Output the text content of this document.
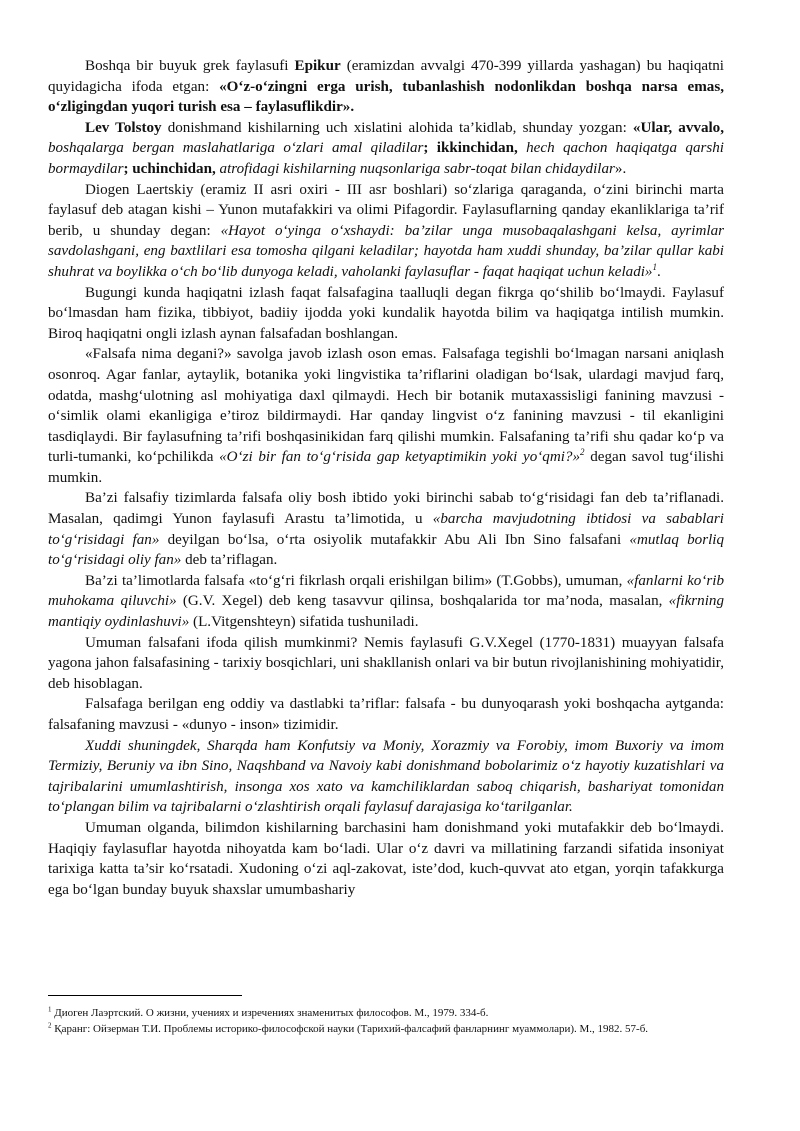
Boshqa bir buyuk grek faylasufi Epikur (eramizdan avvalgi 470-399 yillarda yashagan) bu haqiqatni quyidagicha ifoda etgan: «O‘z-o‘zingni erga urish, tubanlashish nodonlikdan boshqa narsa emas, o‘zligingdan yuqori turish esa – faylasuflikdir».

Lev Tolstoy donishmand kishilarning uch xislatini alohida ta’kidlab, shunday yozgan: «Ular, avvalo, boshqalarga bergan maslahatlariga o‘zlari amal qiladilar; ikkinchidan, hech qachon haqiqatga qarshi bormaydilar; uchinchidan, atrofidagi kishilarning nuqsonlariga sabr-toqat bilan chidaydilar».

Diogen Laertskiy (eramiz II asri oxiri - III asr boshlari) so‘zlariga qaraganda, o‘zini birinchi marta faylasuf deb atagan kishi – Yunon mutafakkiri va olimi Pifagordir. Faylasuflarning qanday ekanliklariga ta’rif berib, u shunday degan: «Hayot o‘yinga o‘xshaydi: ba’zilar unga musobaqalashgani kelsa, ayrimlar savdolashgani, eng baxtlilari esa tomosha qilgani keladilar; hayotda ham xuddi shunday, ba’zilar qullar kabi shuhrat va boylikka o‘ch bo‘lib dunyoga keladi, vaholanki faylasuflar - faqat haqiqat uchun keladi»$^1$.

Bugungi kunda haqiqatni izlash faqat falsafagina taalluqli degan fikrga qo‘shilib bo‘lmaydi. Faylasuf bo‘lmasdan ham fizika, tibbiyot, badiiy ijodda yoki kundalik hayotda bilim va haqiqatga intilish mumkin. Biroq haqiqatni ongli izlash aynan falsafadan boshlangan.

«Falsafa nima degani?» savolga javob izlash oson emas. Falsafaga tegishli bo‘lmagan narsani aniqlash osonroq. Agar fanlar, aytaylik, botanika yoki lingvistika ta’riflarini oladigan bo‘lsak, ulardagi mavjud farq, odatda, mashg‘ulotning asl mohiyatiga daxl qilmaydi. Hech bir botanik mutaxassisligi fanining mavzusi - o‘simlik olami ekanligiga e’tiroz bildirmaydi. Har qanday lingvist o‘z fanining mavzusi - til ekanligini tasdiqlaydi. Bir faylasufning ta’rifi boshqasinikidan farq qilishi mumkin. Falsafaning ta’rifi shu qadar ko‘p va turli-tumanki, ko‘pchilikda «O‘zi bir fan to‘g‘risida gap ketyaptimikin yoki yo‘qmi?»$^2$ degan savol tug‘ilishi mumkin.

Ba’zi falsafiy tizimlarda falsafa oliy bosh ibtido yoki birinchi sabab to‘g‘risidagi fan deb ta’riflanadi. Masalan, qadimgi Yunon faylasufi Arastu ta’limotida, u «barcha mavjudotning ibtidosi va sabablari to‘g‘risidagi fan» deyilgan bo‘lsa, o‘rta osiyolik mutafakkir Abu Ali Ibn Sino falsafani «mutlaq borliq to‘g‘risidagi oliy fan» deb ta’riflagan.

Ba’zi ta’limotlarda falsafa «to‘g‘ri fikrlash orqali erishilgan bilim» (T.Gobbs), umuman, «fanlarni ko‘rib muhokama qiluvchi» (G.V. Xegel) deb keng tasavvur qilinsa, boshqalarida tor ma’noda, masalan, «fikrning mantiqiy oydinlashuvi» (L.Vitgenshteyn) sifatida tushuniladi.

Umuman falsafani ifoda qilish mumkinmi? Nemis faylasufi G.V.Xegel (1770-1831) muayyan falsafa yagona jahon falsafasining - tarixiy bosqichlari, uni shakllanish onlari va bir butun rivojlanishining mohiyatidir, deb hisoblagan.

Falsafaga berilgan eng oddiy va dastlabki ta’riflar: falsafa - bu dunyoqarash yoki boshqacha aytganda: falsafaning mavzusi - «dunyo - inson» tizimidir.

Xuddi shuningdek, Sharqda ham Konfutsiy va Moniy, Xorazmiy va Forobiy, imom Buxoriy va imom Termiziy, Beruniy va ibn Sino, Naqshband va Navoiy kabi donishmand bobolarimiz o‘z hayotiy kuzatishlari va tajribalarini umumlashtirish, insonga xos xato va kamchiliklardan saboq chiqarish, bashariyat tomonidan to‘plangan bilim va tajribalarni o‘zlashtirish orqali faylasuf darajasiga ko‘tarilganlar.

Umuman olganda, bilimdon kishilarning barchasini ham donishmand yoki mutafakkir deb bo‘lmaydi. Haqiqiy faylasuflar hayotda nihoyatda kam bo‘ladi. Ular o‘z davri va millatining farzandi sifatida insoniyat tarixiga katta ta’sir ko‘rsatadi. Xudoning o‘zi aql-zakovat, iste’dod, kuch-quvvat ato etgan, yorqin tafakkurga ega bo‘lgan bunday buyuk shaxslar umumbashariy

$^1$ Диоген Лаэртский. О жизни, учениях и изречениях знаменитых философов. М., 1979. 334-б.

$^2$ Қаранг: Ойзерман Т.И. Проблемы историко-философской науки (Тарихий-фалсафий фанларнинг муаммолари). М., 1982. 57-б.
